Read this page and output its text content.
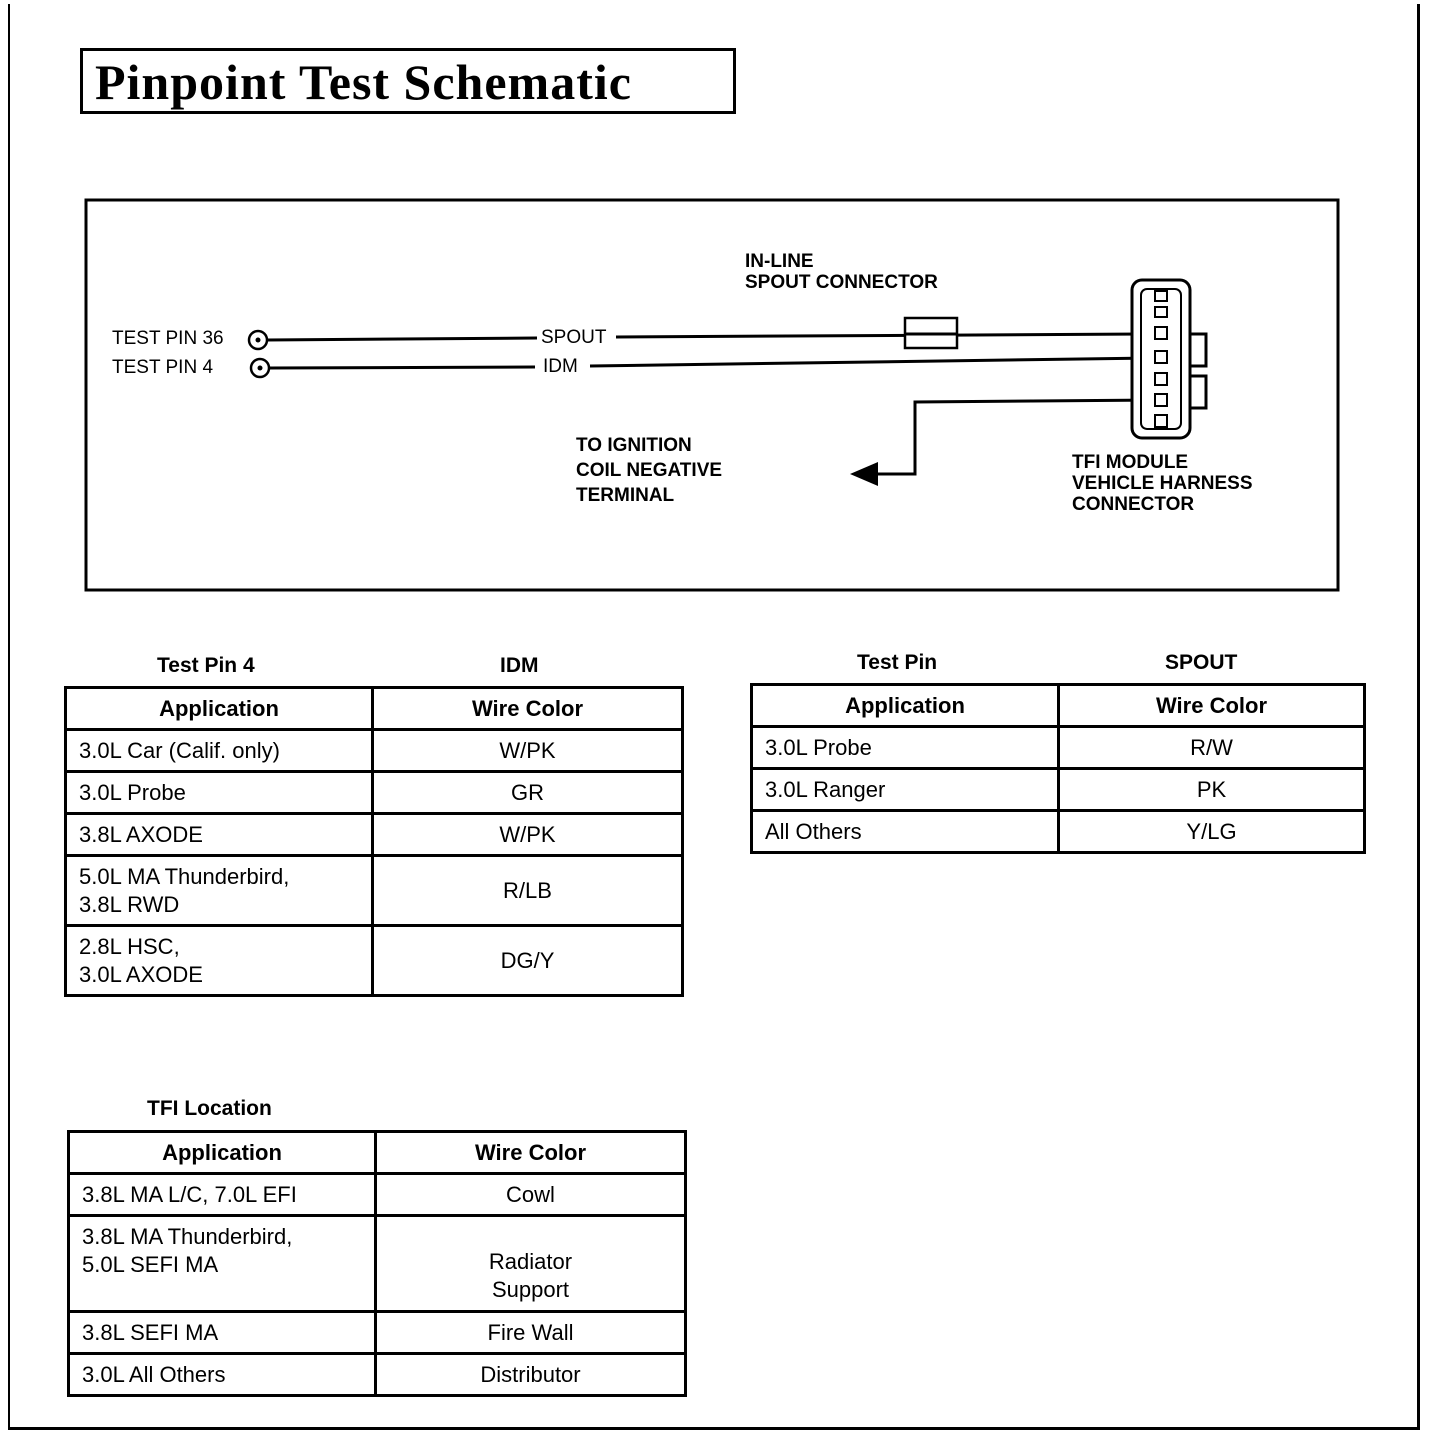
Pinpoint Test Schematic
TEST PIN 36
TEST PIN 4
SPOUT
IDM
IN-LINE
SPOUT CONNECTOR
TO IGNITION
COIL NEGATIVE
TERMINAL
TFI MODULE
VEHICLE HARNESS
CONNECTOR
Test Pin 4	IDM
Application	Wire Color
3.0L Car (Calif. only)	W/PK
3.0L Probe	GR
3.8L AXODE	W/PK
5.0L MA Thunderbird,
3.8L RWD	R/LB
2.8L HSC,
3.0L AXODE	DG/Y
Test Pin	SPOUT
Application	Wire Color
3.0L Probe	R/W
3.0L Ranger	PK
All Others	Y/LG
TFI Location
Application	Wire Color
3.8L MA L/C, 7.0L EFI	Cowl
3.8L MA Thunderbird,
5.0L SEFI MA	Radiator
Support
3.8L SEFI MA	Fire Wall
3.0L All Others	Distributor
